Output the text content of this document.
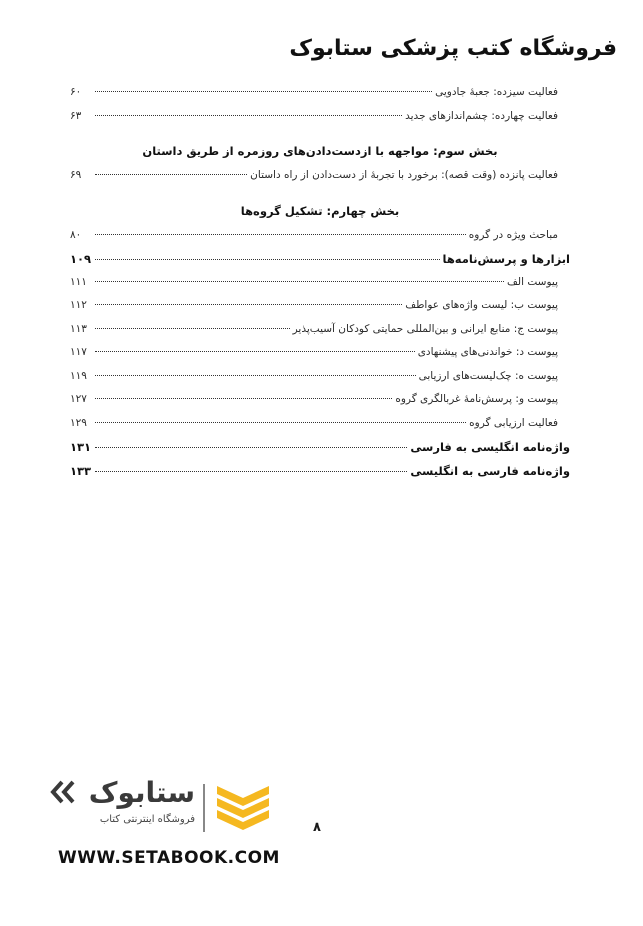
فروشگاه کتب پزشکی ستابوک
فعالیت سیزده: جعبۀ جادویی
۶۰
فعالیت چهارده: چشم‌اندازهای جدید
۶۳
بخش سوم: مواجهه با ازدست‌دادن‌های روزمره از طریق داستان
فعالیت پانزده (وقت قصه): برخورد با تجربۀ از دست‌دادن از راه داستان
۶۹
بخش چهارم: تشکیل گروه‌ها
مباحث ویژه در گروه
۸۰
ابزارها و پرسش‌نامه‌ها
۱۰۹
پیوست الف
۱۱۱
پیوست ب: لیست واژه‌های عواطف
۱۱۲
پیوست ج: منابع ایرانی و بین‌المللی حمایتی کودکان آسیب‌پذیر
۱۱۳
پیوست د: خواندنی‌های پیشنهادی
۱۱۷
پیوست ه: چک‌لیست‌های ارزیابی
۱۱۹
پیوست و: پرسش‌نامۀ غربالگری گروه
۱۲۷
فعالیت ارزیابی گروه
۱۲۹
واژه‌نامه انگلیسی به فارسی
۱۳۱
واژه‌نامه فارسی به انگلیسی
۱۳۳
۸
ستابوک
فروشگاه اینترنتی کتاب
WWW.SETABOOK.COM
